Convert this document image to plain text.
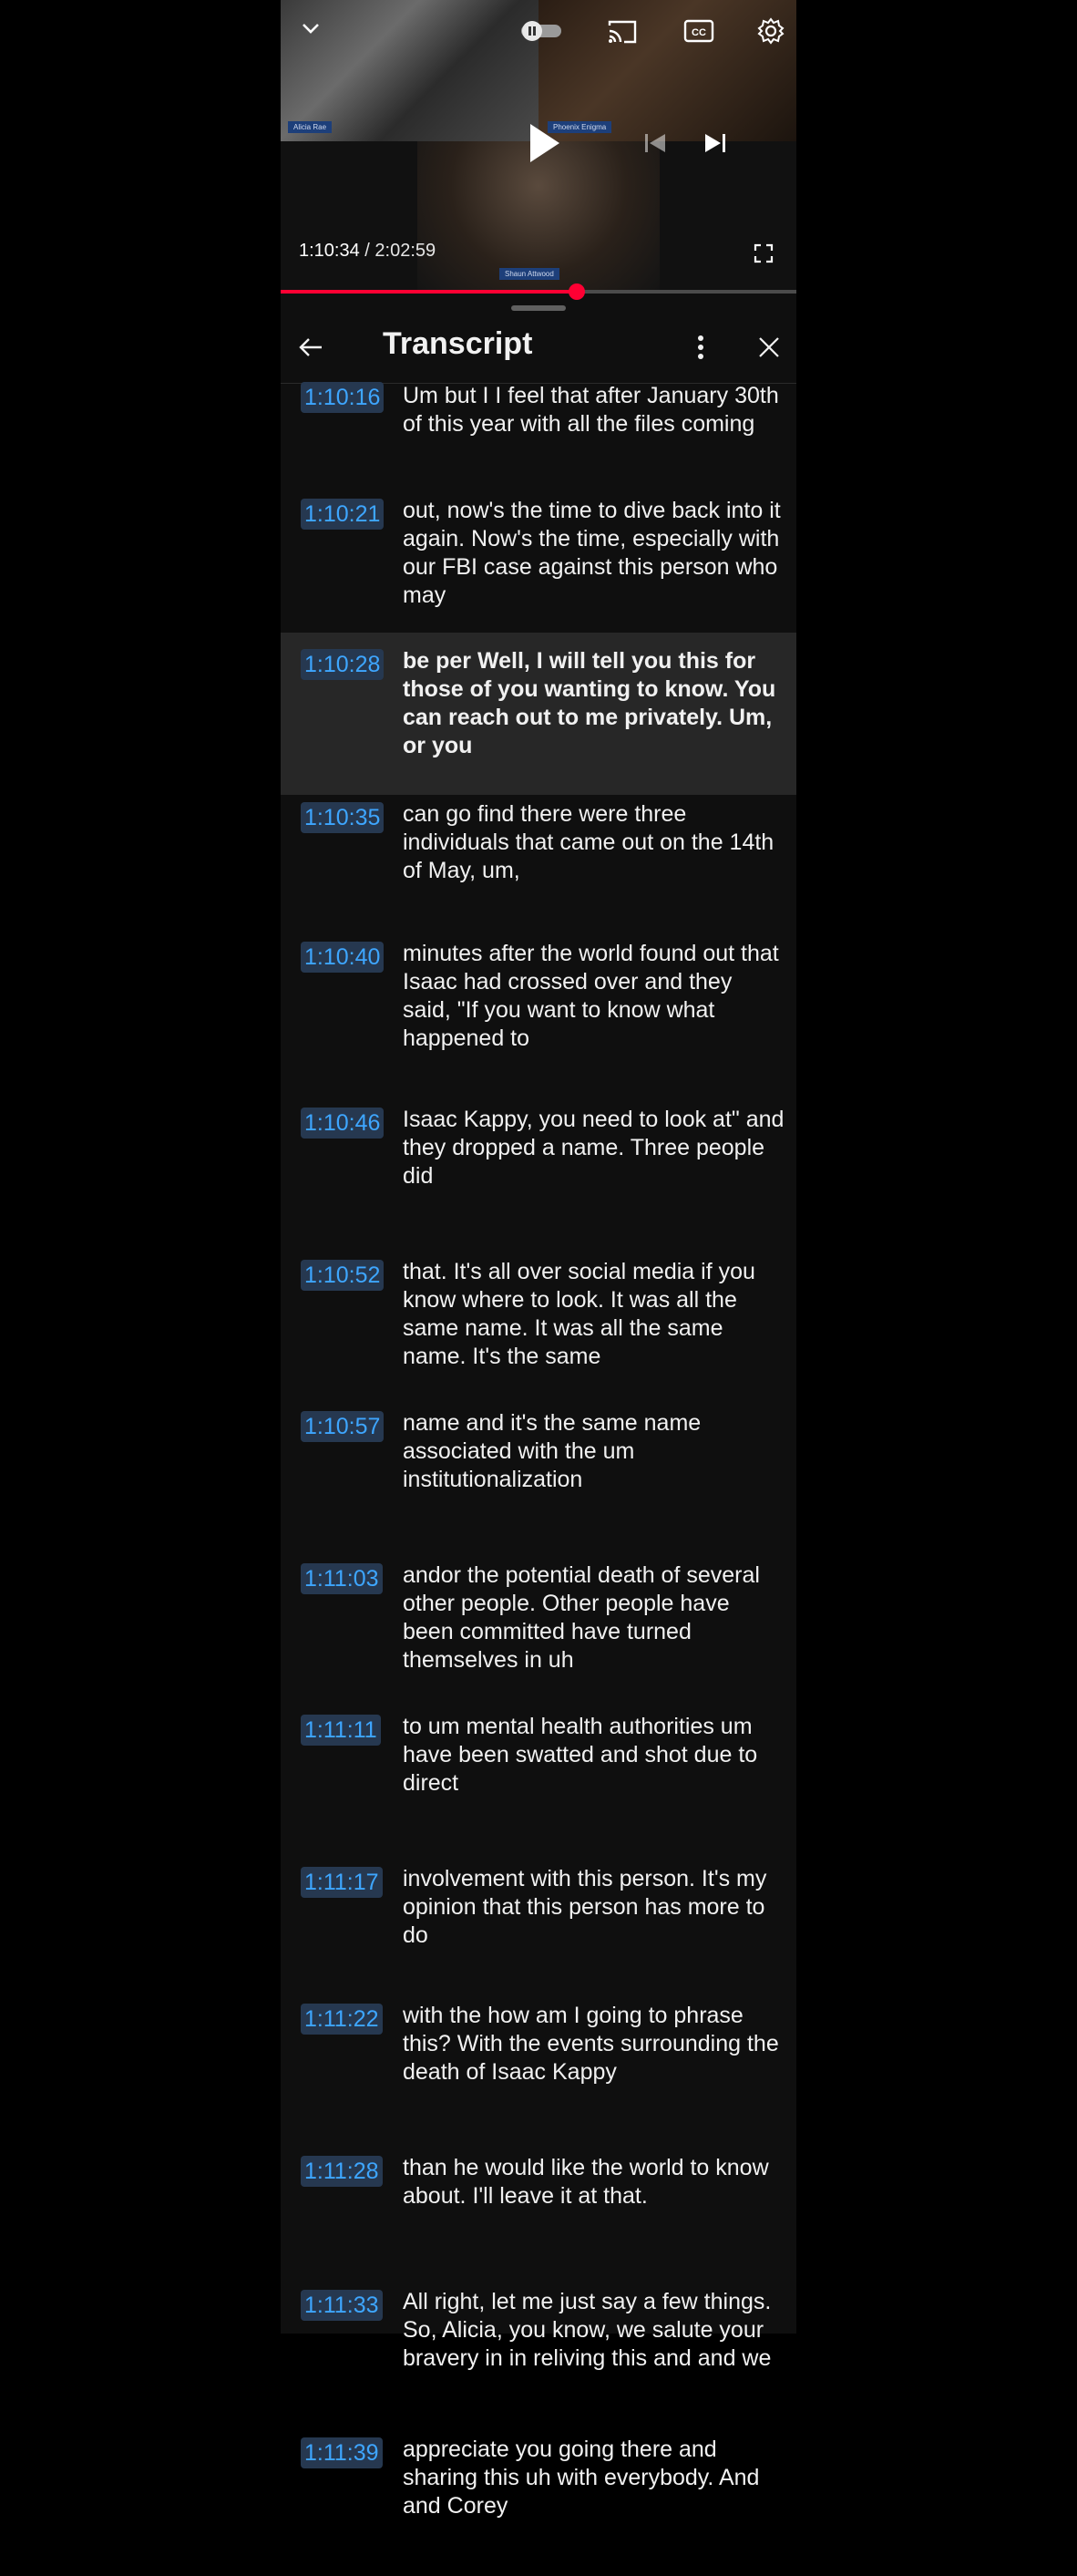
Alicia Rae	Phoenix Enigma
Shaun Attwood
CC
1:10:34 / 2:02:59
Transcript
1:10:16 Um but I I feel that after January 30th of this year with all the files coming
1:10:21 out, now's the time to dive back into it again. Now's the time, especially with our FBI case against this person who may
1:10:28 be per Well, I will tell you this for those of you wanting to know. You can reach out to me privately. Um, or you
1:10:35 can go find there were three individuals that came out on the 14th of May, um,
1:10:40 minutes after the world found out that Isaac had crossed over and they said, "If you want to know what happened to
1:10:46 Isaac Kappy, you need to look at" and they dropped a name. Three people did
1:10:52 that. It's all over social media if you know where to look. It was all the same name. It was all the same name. It's the same
1:10:57 name and it's the same name associated with the um institutionalization
1:11:03 andor the potential death of several other people. Other people have been committed have turned themselves in uh
1:11:11 to um mental health authorities um have been swatted and shot due to direct
1:11:17 involvement with this person. It's my opinion that this person has more to do
1:11:22 with the how am I going to phrase this? With the events surrounding the death of Isaac Kappy
1:11:28 than he would like the world to know about. I'll leave it at that.
1:11:33 All right, let me just say a few things. So, Alicia, you know, we salute your bravery in in reliving this and and we
1:11:39 appreciate you going there and sharing this uh with everybody. And and Corey
